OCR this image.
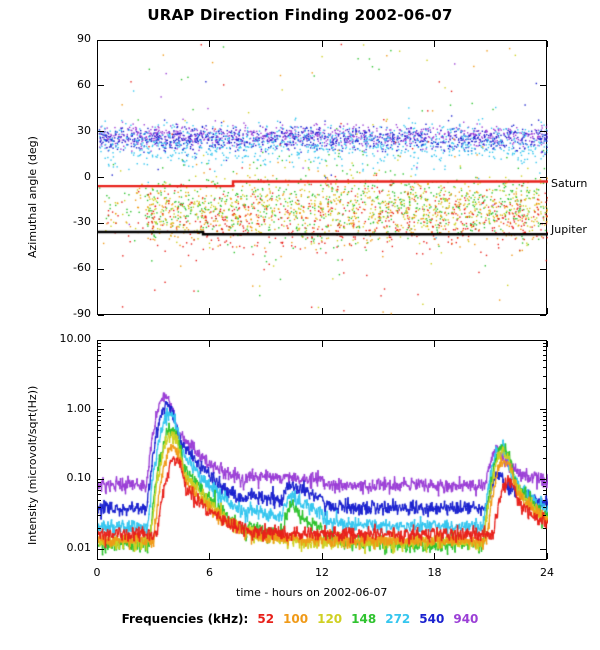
URAP Direction Finding 2002-06-07
Azimuthal angle (deg)
-90
-60
-30
0
30
60
90
Saturn
Jupiter
Intensity (microvolt/sqrt(Hz))
time - hours on 2002-06-07
0.01
0.10
1.00
10.00
0	6	12	18	24
Frequencies (kHz): 52 100 120 148 272 540 940
